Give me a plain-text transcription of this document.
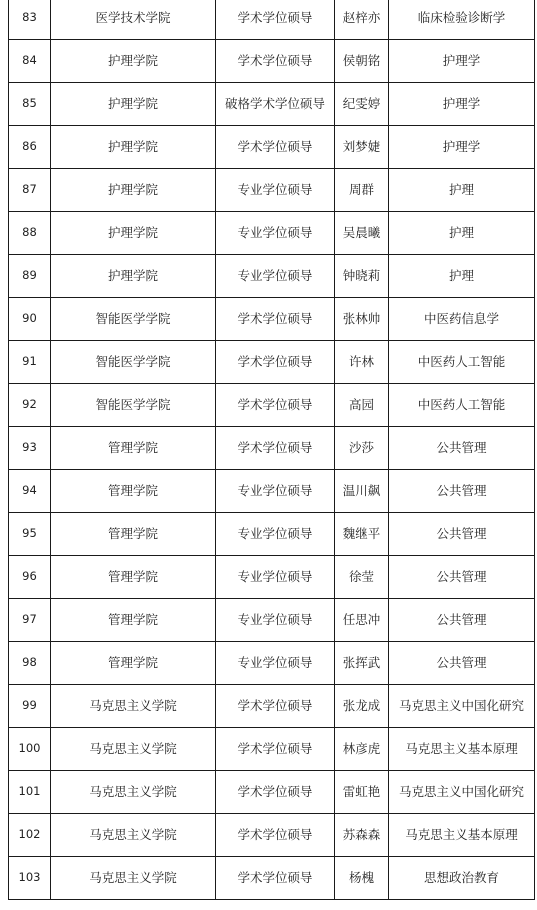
83	医学技术学院	学术学位硕导	赵梓亦	临床检验诊断学
84	护理学院	学术学位硕导	侯朝铭	护理学
85	护理学院	破格学术学位硕导	纪雯婷	护理学
86	护理学院	学术学位硕导	刘梦婕	护理学
87	护理学院	专业学位硕导	周群	护理
88	护理学院	专业学位硕导	吴晨曦	护理
89	护理学院	专业学位硕导	钟晓莉	护理
90	智能医学学院	学术学位硕导	张林帅	中医药信息学
91	智能医学学院	学术学位硕导	许林	中医药人工智能
92	智能医学学院	学术学位硕导	高园	中医药人工智能
93	管理学院	学术学位硕导	沙莎	公共管理
94	管理学院	专业学位硕导	温川飙	公共管理
95	管理学院	专业学位硕导	魏继平	公共管理
96	管理学院	专业学位硕导	徐莹	公共管理
97	管理学院	专业学位硕导	任思冲	公共管理
98	管理学院	专业学位硕导	张挥武	公共管理
99	马克思主义学院	学术学位硕导	张龙成	马克思主义中国化研究
100	马克思主义学院	学术学位硕导	林彦虎	马克思主义基本原理
101	马克思主义学院	学术学位硕导	雷虹艳	马克思主义中国化研究
102	马克思主义学院	学术学位硕导	苏森森	马克思主义基本原理
103	马克思主义学院	学术学位硕导	杨槐	思想政治教育
